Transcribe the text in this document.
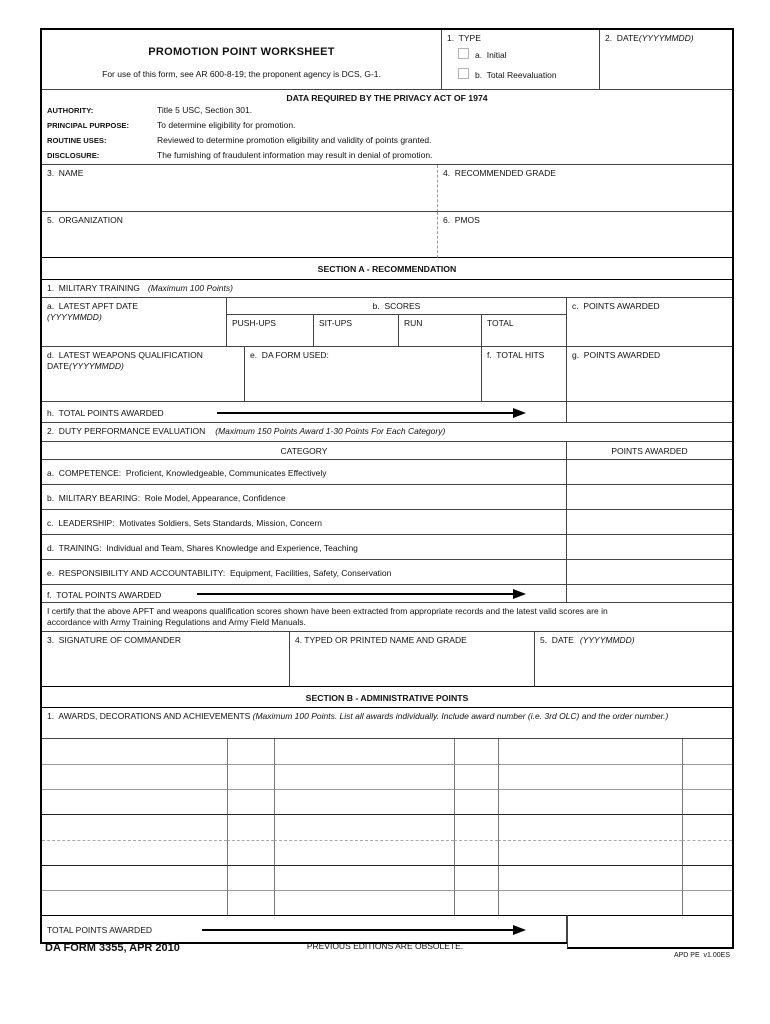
PROMOTION POINT WORKSHEET
For use of this form, see AR 600-8-19; the proponent agency is DCS, G-1.
1.  TYPE
a.  Initial
b.  Total Reevaluation
2.  DATE(YYYYMMDD)
DATA REQUIRED BY THE PRIVACY ACT OF 1974
AUTHORITY:	Title 5 USC, Section 301.
PRINCIPAL PURPOSE:	To determine eligibility for promotion.
ROUTINE USES:	Reviewed to determine promotion eligibility and validity of points granted.
DISCLOSURE:	The furnishing of fraudulent information may result in denial of promotion.
3.  NAME	4.  RECOMMENDED GRADE
5.  ORGANIZATION	6.  PMOS
SECTION A - RECOMMENDATION
1.  MILITARY TRAINING (Maximum 100 Points)
a.  LATEST APFT DATE
(YYYYMMDD)
b.  SCORES
PUSH-UPS	SIT-UPS	RUN	TOTAL
c.  POINTS AWARDED
d.  LATEST WEAPONS QUALIFICATION DATE(YYYYMMDD)
e.  DA FORM USED:	f.  TOTAL HITS	g.  POINTS AWARDED
h.  TOTAL POINTS AWARDED
2.  DUTY PERFORMANCE EVALUATION (Maximum 150 Points Award 1-30 Points For Each Category)
CATEGORY	POINTS AWARDED
a.  COMPETENCE:  Proficient, Knowledgeable, Communicates Effectively
b.  MILITARY BEARING:  Role Model, Appearance, Confidence
c.  LEADERSHIP:  Motivates Soldiers, Sets Standards, Mission, Concern
d.  TRAINING:  Individual and Team, Shares Knowledge and Experience, Teaching
e.  RESPONSIBILITY AND ACCOUNTABILITY:  Equipment, Facilities, Safety, Conservation
f.  TOTAL POINTS AWARDED
I certify that the above APFT and weapons qualification scores shown have been extracted from appropriate records and the latest valid scores are in accordance with Army Training Regulations and Army Field Manuals.
3.  SIGNATURE OF COMMANDER	4. TYPED OR PRINTED NAME AND GRADE	5.  DATE (YYYYMMDD)
SECTION B - ADMINISTRATIVE POINTS
1.  AWARDS, DECORATIONS AND ACHIEVEMENTS (Maximum 100 Points. List all awards individually. Include award number (i.e. 3rd OLC) and the order number.)
TOTAL POINTS AWARDED
DA FORM 3355, APR 2010	PREVIOUS EDITIONS ARE OBSOLETE.
APD PE  v1.00ES
